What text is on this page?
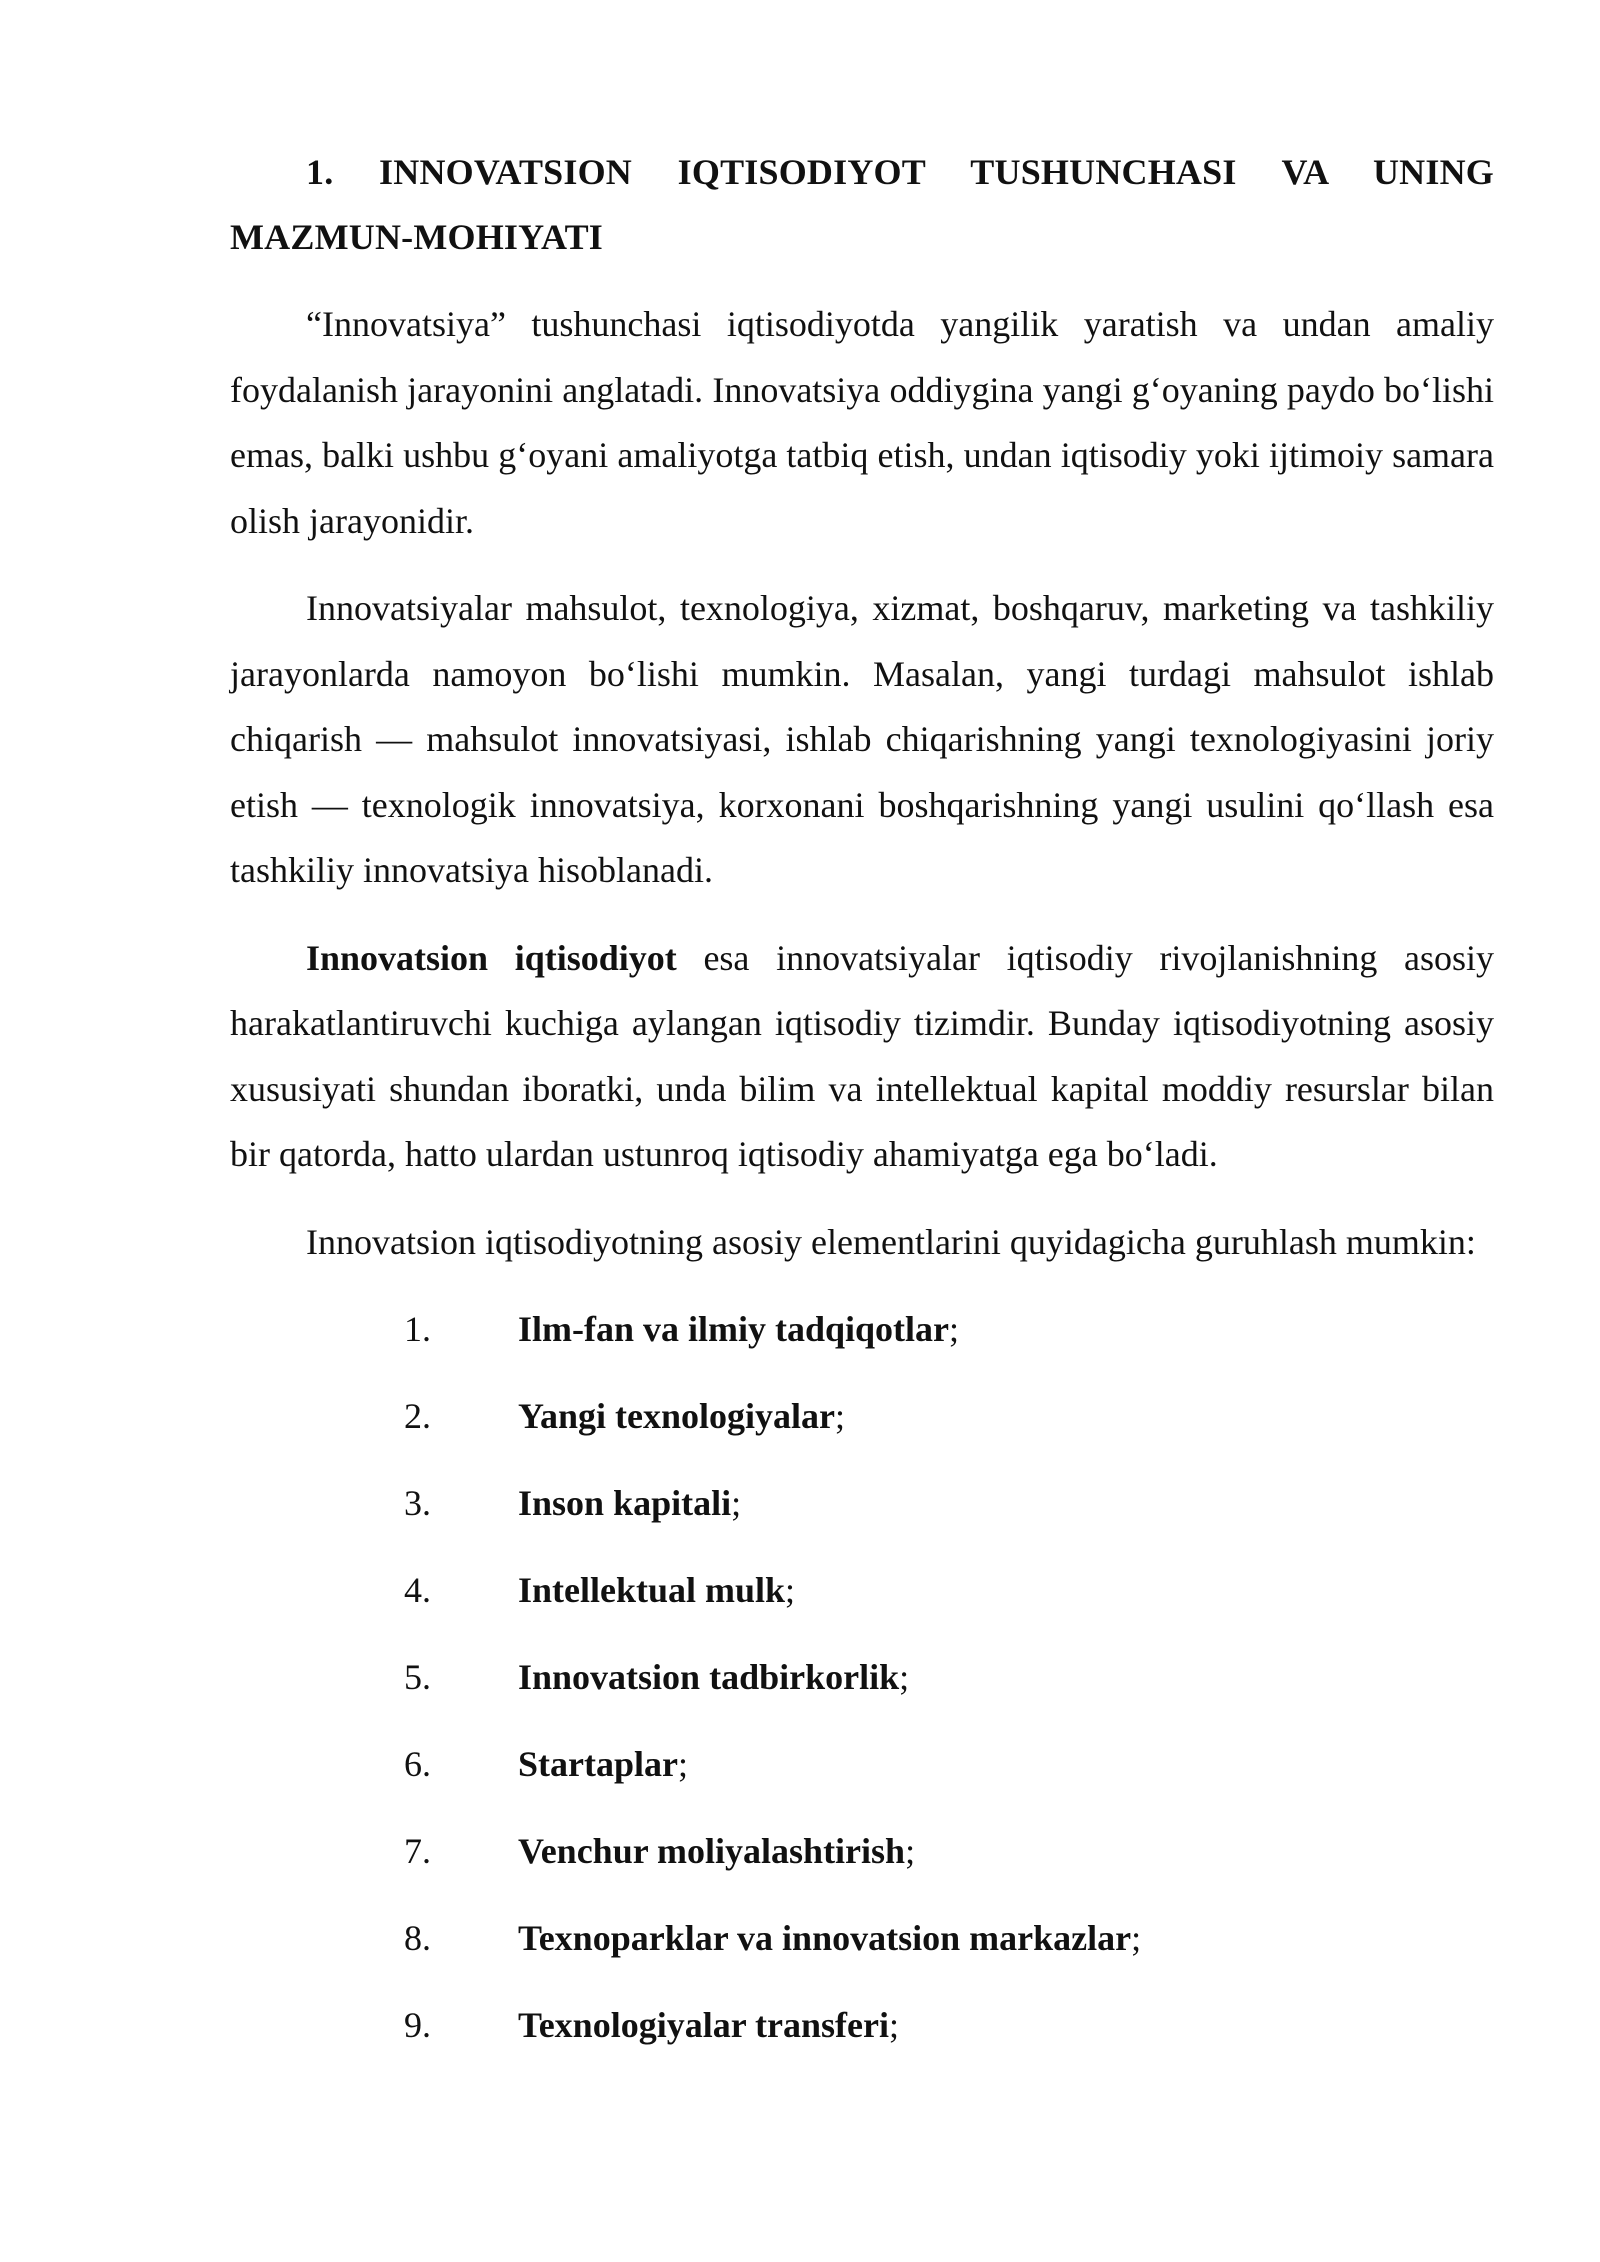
1. INNOVATSION IQTISODIYOT TUSHUNCHASI VA UNING MAZMUN-MOHIYATI

“Innovatsiya” tushunchasi iqtisodiyotda yangilik yaratish va undan amaliy foydalanish jarayonini anglatadi. Innovatsiya oddiygina yangi g‘oyaning paydo bo‘lishi emas, balki ushbu g‘oyani amaliyotga tatbiq etish, undan iqtisodiy yoki ijtimoiy samara olish jarayonidir.

Innovatsiyalar mahsulot, texnologiya, xizmat, boshqaruv, marketing va tashkiliy jarayonlarda namoyon bo‘lishi mumkin. Masalan, yangi turdagi mahsulot ishlab chiqarish — mahsulot innovatsiyasi, ishlab chiqarishning yangi texnologiyasini joriy etish — texnologik innovatsiya, korxonani boshqarishning yangi usulini qo‘llash esa tashkiliy innovatsiya hisoblanadi.

Innovatsion iqtisodiyot esa innovatsiyalar iqtisodiy rivojlanishning asosiy harakatlantiruvchi kuchiga aylangan iqtisodiy tizimdir. Bunday iqtisodiyotning asosiy xususiyati shundan iboratki, unda bilim va intellektual kapital moddiy resurslar bilan bir qatorda, hatto ulardan ustunroq iqtisodiy ahamiyatga ega bo‘ladi.

Innovatsion iqtisodiyotning asosiy elementlarini quyidagicha guruhlash mumkin:

1. Ilm-fan va ilmiy tadqiqotlar;
2. Yangi texnologiyalar;
3. Inson kapitali;
4. Intellektual mulk;
5. Innovatsion tadbirkorlik;
6. Startaplar;
7. Venchur moliyalashtirish;
8. Texnoparklar va innovatsion markazlar;
9. Texnologiyalar transferi;
